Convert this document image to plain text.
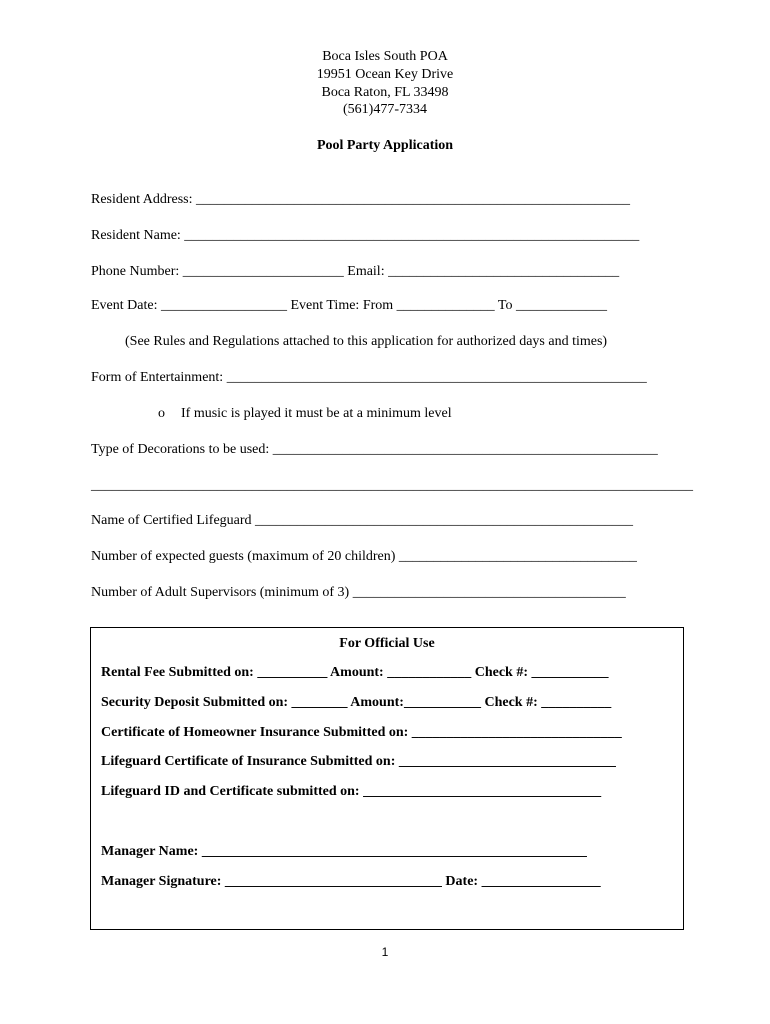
Boca Isles South POA
19951 Ocean Key Drive
Boca Raton, FL 33498
(561)477-7334
Pool Party Application
Resident Address: ______________________________________________________________
Resident Name: _________________________________________________________________
Phone Number: _______________________ Email: _________________________________
Event Date: __________________ Event Time: From ______________ To _____________
(See Rules and Regulations attached to this application for authorized days and times)
Form of Entertainment: ____________________________________________________________
o If music is played it must be at a minimum level
Type of Decorations to be used: _______________________________________________________
______________________________________________________________________________________
Name of Certified Lifeguard ______________________________________________________
Number of expected guests (maximum of 20 children) __________________________________
Number of Adult Supervisors (minimum of 3) _______________________________________
For Official Use
Rental Fee Submitted on: __________ Amount: ____________ Check #: ___________
Security Deposit Submitted on: ________ Amount:___________ Check #: __________
Certificate of Homeowner Insurance Submitted on: ______________________________
Lifeguard Certificate of Insurance Submitted on: _______________________________
Lifeguard ID and Certificate submitted on: __________________________________
Manager Name: _______________________________________________________
Manager Signature: _______________________________ Date: _________________
1
